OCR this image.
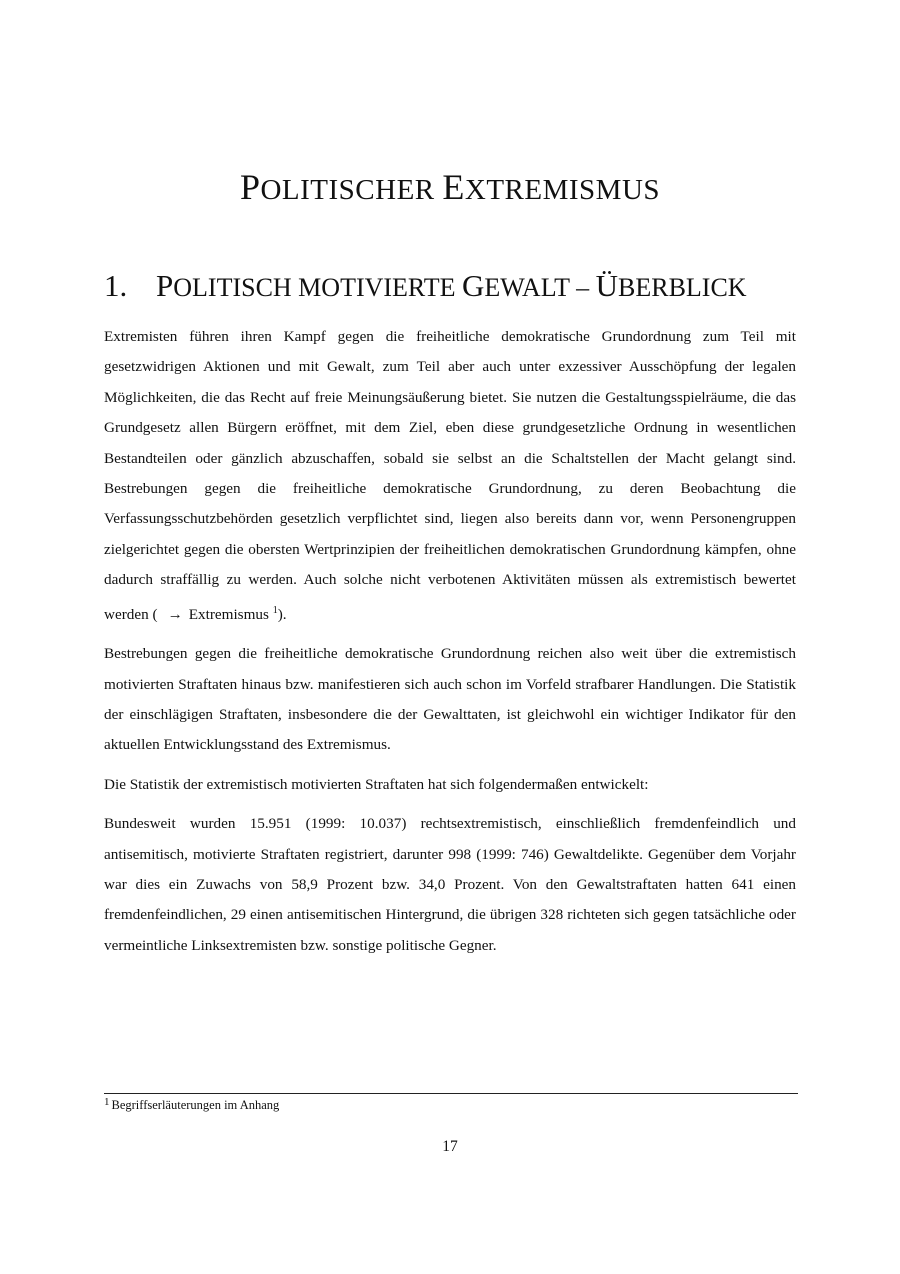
POLITISCHER EXTREMISMUS
1. POLITISCH MOTIVIERTE GEWALT – ÜBERBLICK

Extremisten führen ihren Kampf gegen die freiheitliche demokratische Grundordnung zum Teil mit gesetzwidrigen Aktionen und mit Gewalt, zum Teil aber auch unter exzessiver Ausschöpfung der legalen Möglichkeiten, die das Recht auf freie Meinungsäußerung bietet. Sie nutzen die Gestaltungsspielräume, die das Grundgesetz allen Bürgern eröffnet, mit dem Ziel, eben diese grundgesetzliche Ordnung in wesentlichen Bestandteilen oder gänzlich abzuschaffen, sobald sie selbst an die Schaltstellen der Macht gelangt sind. Bestrebungen gegen die freiheitliche demokratische Grundordnung, zu deren Beobachtung die Verfassungsschutzbehörden gesetzlich verpflichtet sind, liegen also bereits dann vor, wenn Personengruppen zielgerichtet gegen die obersten Wertprinzipien der freiheitlichen demokratischen Grundordnung kämpfen, ohne dadurch straffällig zu werden. Auch solche nicht verbotenen Aktivitäten müssen als extremistisch bewertet werden ( → Extremismus $^1$).

Bestrebungen gegen die freiheitliche demokratische Grundordnung reichen also weit über die extremistisch motivierten Straftaten hinaus bzw. manifestieren sich auch schon im Vorfeld strafbarer Handlungen. Die Statistik der einschlägigen Straftaten, insbesondere die der Gewalttaten, ist gleichwohl ein wichtiger Indikator für den aktuellen Entwicklungsstand des Extremismus.

Die Statistik der extremistisch motivierten Straftaten hat sich folgendermaßen entwickelt:

Bundesweit wurden 15.951 (1999: 10.037) rechtsextremistisch, einschließlich fremdenfeindlich und antisemitisch, motivierte Straftaten registriert, darunter 998 (1999: 746) Gewaltdelikte. Gegenüber dem Vorjahr war dies ein Zuwachs von 58,9 Prozent bzw. 34,0 Prozent. Von den Gewaltstraftaten hatten 641 einen fremdenfeindlichen, 29 einen antisemitischen Hintergrund, die übrigen 328 richteten sich gegen tatsächliche oder vermeintliche Linksextremisten bzw. sonstige politische Gegner.

$^1$ Begriffserläuterungen im Anhang
17
